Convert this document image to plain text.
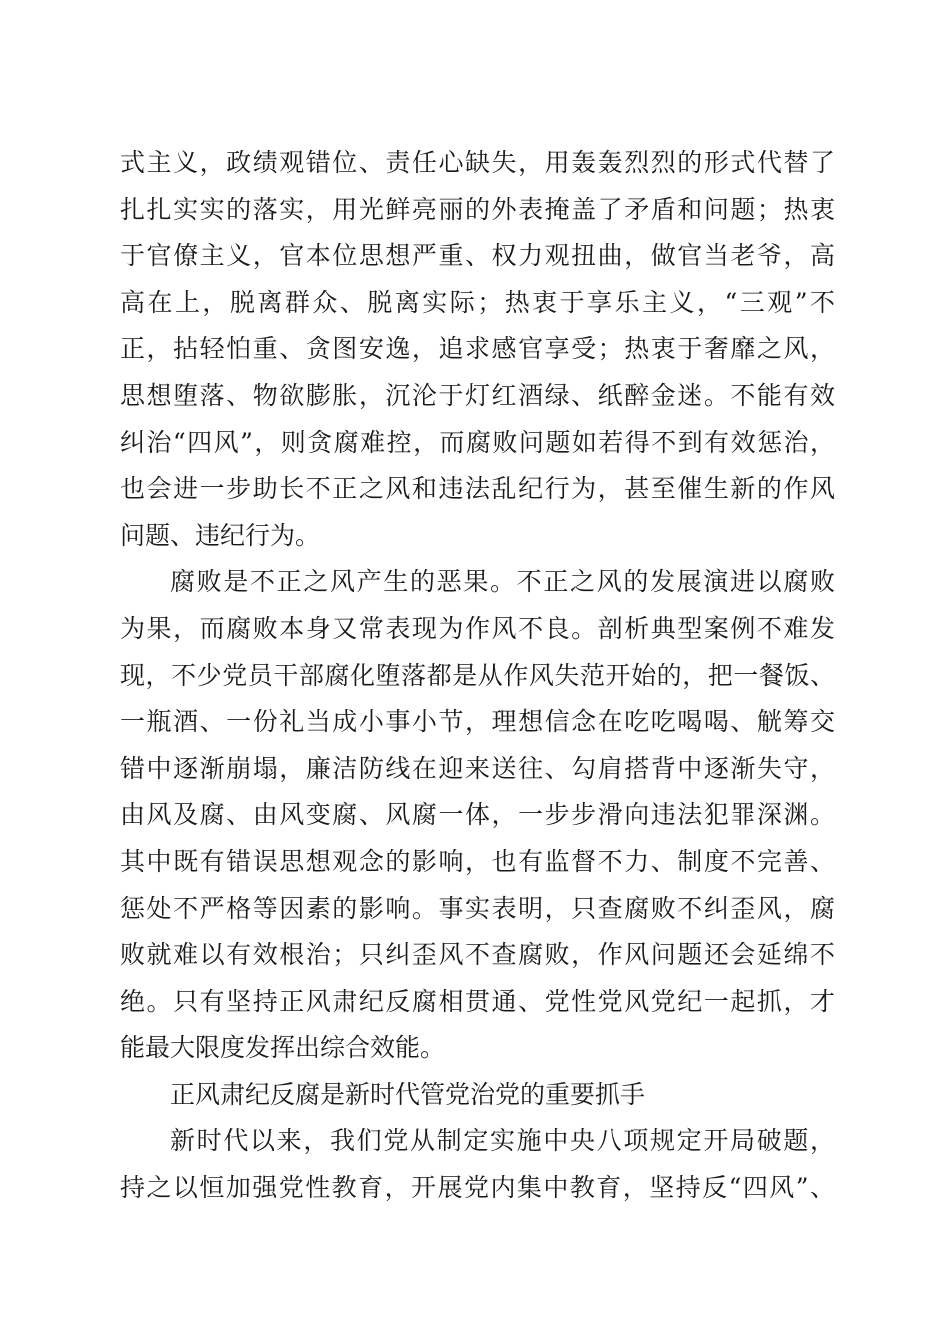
式主义，政绩观错位、责任心缺失，用轰轰烈烈的形式代替了
扎扎实实的落实，用光鲜亮丽的外表掩盖了矛盾和问题；热衷
于官僚主义，官本位思想严重、权力观扭曲，做官当老爷，高
高在上，脱离群众、脱离实际；热衷于享乐主义，“三观”不
正，拈轻怕重、贪图安逸，追求感官享受；热衷于奢靡之风，
思想堕落、物欲膨胀，沉沦于灯红酒绿、纸醉金迷。不能有效
纠治“四风”，则贪腐难控，而腐败问题如若得不到有效惩治，
也会进一步助长不正之风和违法乱纪行为，甚至催生新的作风
问题、违纪行为。
腐败是不正之风产生的恶果。不正之风的发展演进以腐败
为果，而腐败本身又常表现为作风不良。剖析典型案例不难发
现，不少党员干部腐化堕落都是从作风失范开始的，把一餐饭、
一瓶酒、一份礼当成小事小节，理想信念在吃吃喝喝、觥筹交
错中逐渐崩塌，廉洁防线在迎来送往、勾肩搭背中逐渐失守，
由风及腐、由风变腐、风腐一体，一步步滑向违法犯罪深渊。
其中既有错误思想观念的影响，也有监督不力、制度不完善、
惩处不严格等因素的影响。事实表明，只查腐败不纠歪风，腐
败就难以有效根治；只纠歪风不查腐败，作风问题还会延绵不
绝。只有坚持正风肃纪反腐相贯通、党性党风党纪一起抓，才
能最大限度发挥出综合效能。
正风肃纪反腐是新时代管党治党的重要抓手
新时代以来，我们党从制定实施中央八项规定开局破题，
持之以恒加强党性教育，开展党内集中教育，坚持反“四风”、
